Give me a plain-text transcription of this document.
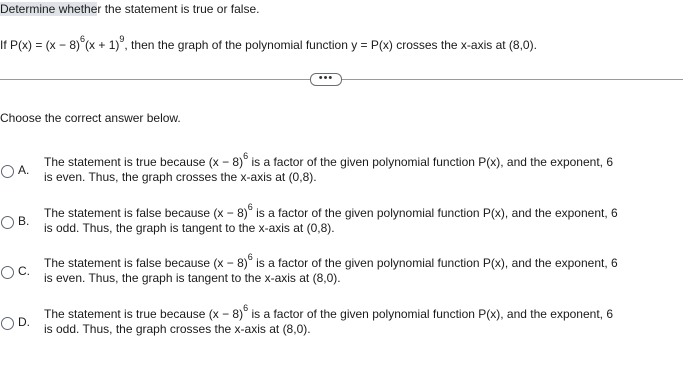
Determine whether the statement is true or false.
If $P(x) = (x - 8)^6(x + 1)^9$, then the graph of the polynomial function y = P(x) crosses the x-axis at (8,0).
•••
Choose the correct answer below.
A.
The statement is true because $(x - 8)^6$ is a factor of the given polynomial function P(x), and the exponent, 6
is even. Thus, the graph crosses the x-axis at (0,8).
B.
The statement is false because $(x - 8)^6$ is a factor of the given polynomial function P(x), and the exponent, 6
is odd. Thus, the graph is tangent to the x-axis at (0,8).
C.
The statement is false because $(x - 8)^6$ is a factor of the given polynomial function P(x), and the exponent, 6
is even. Thus, the graph is tangent to the x-axis at (8,0).
D.
The statement is true because $(x - 8)^6$ is a factor of the given polynomial function P(x), and the exponent, 6
is odd. Thus, the graph crosses the x-axis at (8,0).
